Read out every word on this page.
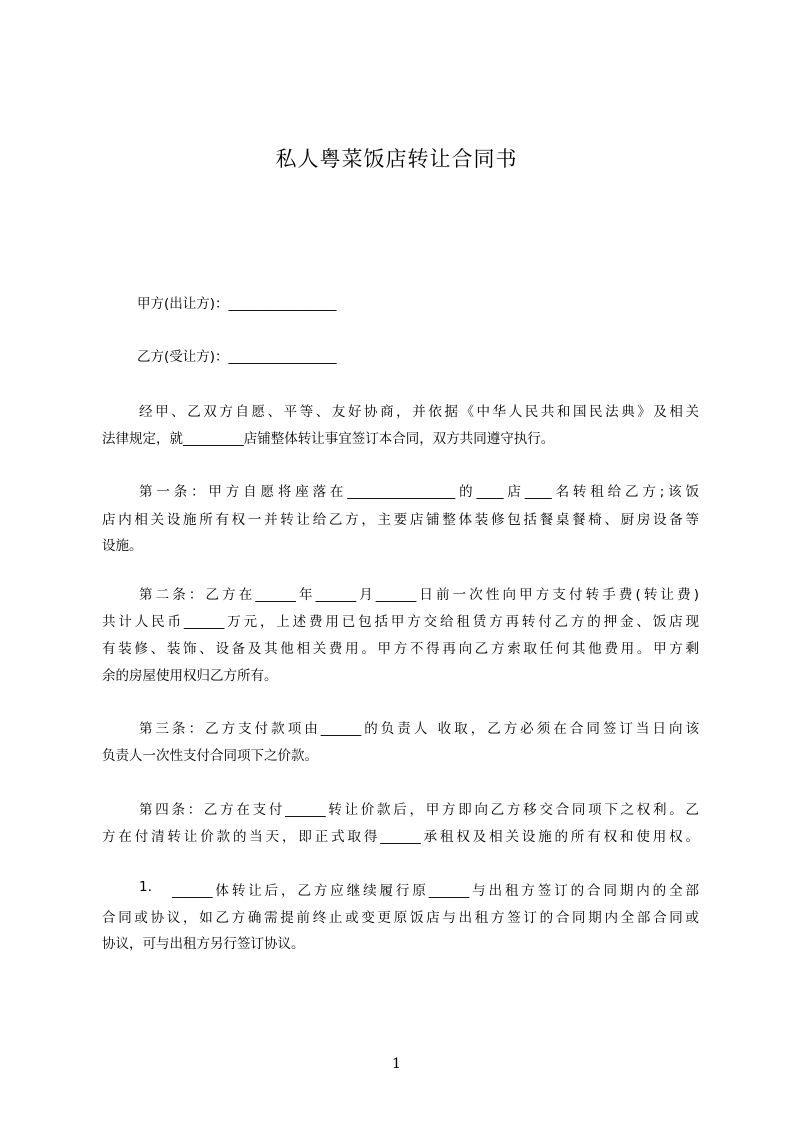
私人粤菜饭店转让合同书
甲方(出让方)：________________
乙方(受让方)：________________
经甲、乙双方自愿、平等、友好协商，并依据《中华人民共和国民法典》及相关
法律规定，就_________店铺整体转让事宜签订本合同，双方共同遵守执行。
第一条：甲方自愿将座落在________________的____店____名转租给乙方;该饭
店内相关设施所有权一并转让给乙方，主要店铺整体装修包括餐桌餐椅、厨房设备等
设施。
第二条：乙方在______年______月______日前一次性向甲方支付转手费(转让费)
共计人民币______万元，上述费用已包括甲方交给租赁方再转付乙方的押金、饭店现
有装修、装饰、设备及其他相关费用。甲方不得再向乙方索取任何其他费用。甲方剩
余的房屋使用权归乙方所有。
第三条：乙方支付款项由______的负责人 收取，乙方必须在合同签订当日向该
负责人一次性支付合同项下之价款。
第四条：乙方在支付______转让价款后，甲方即向乙方移交合同项下之权利。乙
方在付清转让价款的当天，即正式取得______承租权及相关设施的所有权和使用权。
1.	______体转让后，乙方应继续履行原______与出租方签订的合同期内的全部
合同或协议，如乙方确需提前终止或变更原饭店与出租方签订的合同期内全部合同或
协议，可与出租方另行签订协议。
1
